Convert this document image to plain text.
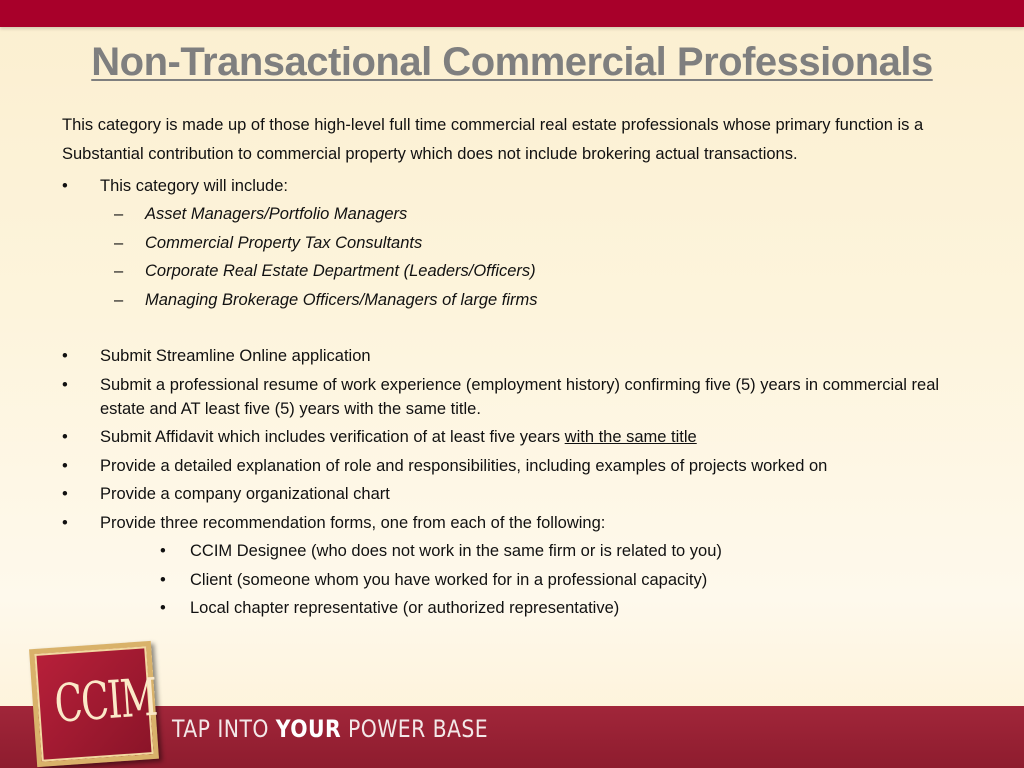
Non-Transactional Commercial Professionals

This category is made up of those high-level full time commercial real estate professionals whose primary function is a Substantial contribution to commercial property which does not include brokering actual transactions.

• This category will include:
– Asset Managers/Portfolio Managers
– Commercial Property Tax Consultants
– Corporate Real Estate Department (Leaders/Officers)
– Managing Brokerage Officers/Managers of large firms
• Submit Streamline Online application
• Submit a professional resume of work experience (employment history) confirming five (5) years in commercial real estate and AT least five (5) years with the same title.
• Submit Affidavit which includes verification of at least five years with the same title
• Provide a detailed explanation of role and responsibilities, including examples of projects worked on
• Provide a company organizational chart
• Provide three recommendation forms, one from each of the following:
• CCIM Designee (who does not work in the same firm or is related to you)
• Client (someone whom you have worked for in a professional capacity)
• Local chapter representative (or authorized representative)
TAP INTO YOUR POWER BASE
CCIM
